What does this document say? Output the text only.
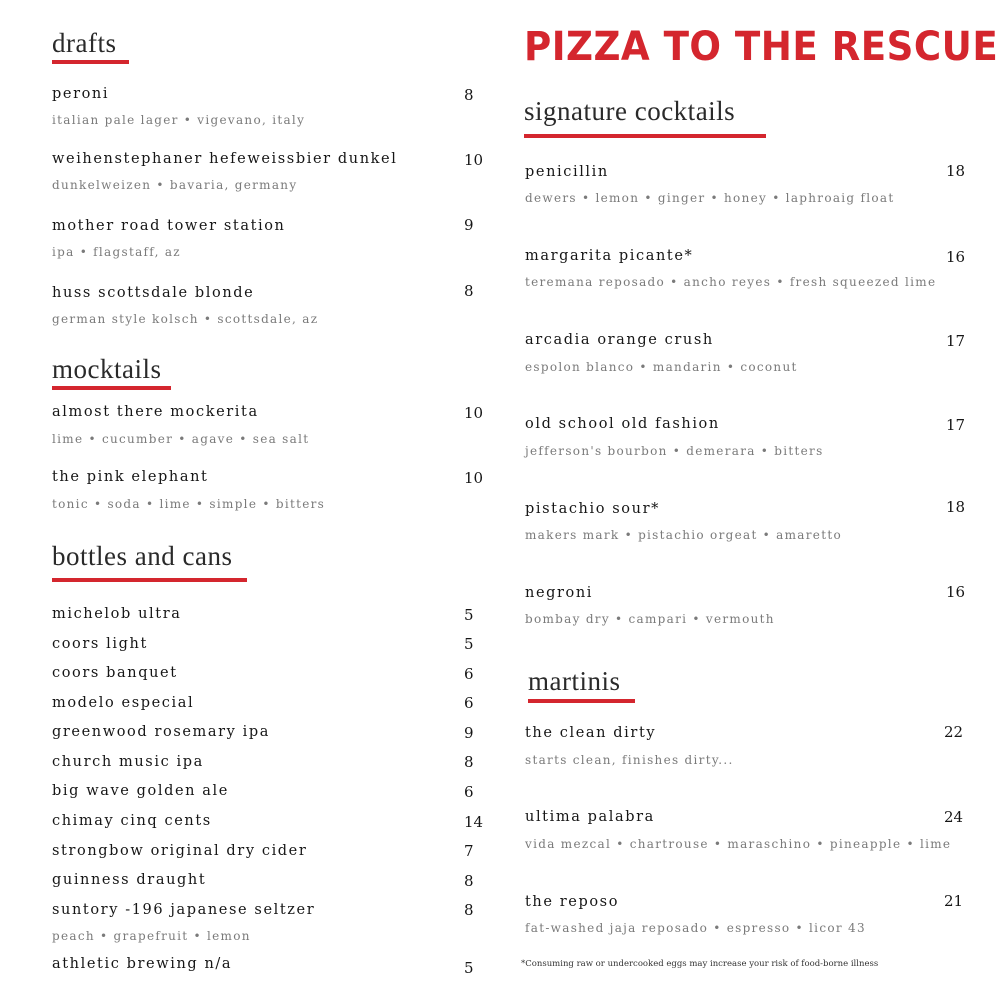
drafts
peroni	8
italian pale lager • vigevano, italy
weihenstephaner hefeweissbier dunkel	10
dunkelweizen • bavaria, germany
mother road tower station	9
ipa • flagstaff, az
huss scottsdale blonde	8
german style kolsch • scottsdale, az
mocktails
almost there mockerita	10
lime • cucumber • agave • sea salt
the pink elephant	10
tonic • soda • lime • simple • bitters
bottles and cans
michelob ultra	5
coors light	5
coors banquet	6
modelo especial	6
greenwood rosemary ipa	9
church music ipa	8
big wave golden ale	6
chimay cinq cents	14
strongbow original dry cider	7
guinness draught	8
suntory -196 japanese seltzer	8
peach • grapefruit • lemon
athletic brewing n/a	5
PIZZA TO THE RESCUE
signature cocktails
penicillin	18
dewers • lemon • ginger • honey • laphroaig float
margarita picante*	16
teremana reposado • ancho reyes • fresh squeezed lime
arcadia orange crush	17
espolon blanco • mandarin • coconut
old school old fashion	17
jefferson's bourbon • demerara • bitters
pistachio sour*	18
makers mark • pistachio orgeat • amaretto
negroni	16
bombay dry • campari • vermouth
martinis
the clean dirty	22
starts clean, finishes dirty...
ultima palabra	24
vida mezcal • chartrouse • maraschino • pineapple • lime
the reposo	21
fat-washed jaja reposado • espresso • licor 43
*Consuming raw or undercooked eggs may increase your risk of food-borne illness
